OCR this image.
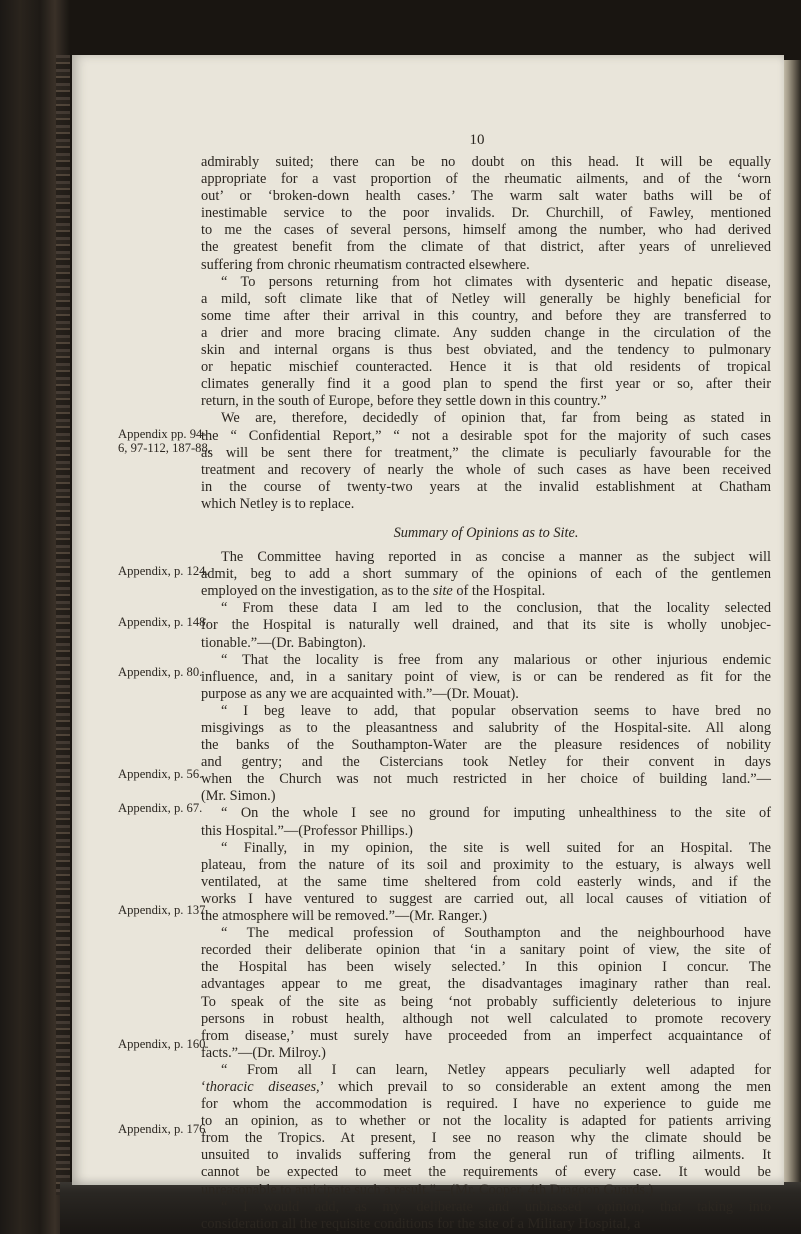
10
Appendix pp. 94-
6, 97-112, 187-88.
Appendix, p. 124.
Appendix, p. 148.
Appendix, p. 80.
Appendix, p. 56.
Appendix, p. 67.
Appendix, p. 137.
Appendix, p. 160.
Appendix, p. 176

admirably suited; there can be no doubt on this head. It will be equally

appropriate for a vast proportion of the rheumatic ailments, and of the ‘worn

out’ or ‘broken-down health cases.’ The warm salt water baths will be of

inestimable service to the poor invalids. Dr. Churchill, of Fawley, mentioned

to me the cases of several persons, himself among the number, who had derived

the greatest benefit from the climate of that district, after years of unrelieved

suffering from chronic rheumatism contracted elsewhere.

“ To persons returning from hot climates with dysenteric and hepatic disease,

a mild, soft climate like that of Netley will generally be highly beneficial for

some time after their arrival in this country, and before they are transferred to

a drier and more bracing climate. Any sudden change in the circulation of the

skin and internal organs is thus best obviated, and the tendency to pulmonary

or hepatic mischief counteracted. Hence it is that old residents of tropical

climates generally find it a good plan to spend the first year or so, after their

return, in the south of Europe, before they settle down in this country.”

We are, therefore, decidedly of opinion that, far from being as stated in

the “ Confidential Report,” “ not a desirable spot for the majority of such cases

as will be sent there for treatment,” the climate is peculiarly favourable for the

treatment and recovery of nearly the whole of such cases as have been received

in the course of twenty-two years at the invalid establishment at Chatham

which Netley is to replace.

Summary of Opinions as to Site.

The Committee having reported in as concise a manner as the subject will

admit, beg to add a short summary of the opinions of each of the gentlemen

employed on the investigation, as to the site of the Hospital.

“ From these data I am led to the conclusion, that the locality selected

for the Hospital is naturally well drained, and that its site is wholly unobjec-

tionable.”—(Dr. Babington).

“ That the locality is free from any malarious or other injurious endemic

influence, and, in a sanitary point of view, is or can be rendered as fit for the

purpose as any we are acquainted with.”—(Dr. Mouat).

“ I beg leave to add, that popular observation seems to have bred no

misgivings as to the pleasantness and salubrity of the Hospital-site. All along

the banks of the Southampton-Water are the pleasure residences of nobility

and gentry; and the Cistercians took Netley for their convent in days

when the Church was not much restricted in her choice of building land.”—

(Mr. Simon.)

“ On the whole I see no ground for imputing unhealthiness to the site of

this Hospital.”—(Professor Phillips.)

“ Finally, in my opinion, the site is well suited for an Hospital. The

plateau, from the nature of its soil and proximity to the estuary, is always well

ventilated, at the same time sheltered from cold easterly winds, and if the

works I have ventured to suggest are carried out, all local causes of vitiation of

the atmosphere will be removed.”—(Mr. Ranger.)

“ The medical profession of Southampton and the neighbourhood have

recorded their deliberate opinion that ‘in a sanitary point of view, the site of

the Hospital has been wisely selected.’ In this opinion I concur. The

advantages appear to me great, the disadvantages imaginary rather than real.

To speak of the site as being ‘not probably sufficiently deleterious to injure

persons in robust health, although not well calculated to promote recovery

from disease,’ must surely have proceeded from an imperfect acquaintance of

facts.”—(Dr. Milroy.)

“ From all I can learn, Netley appears peculiarly well adapted for

‘thoracic diseases,’ which prevail to so considerable an extent among the men

for whom the accommodation is required. I have no experience to guide me

to an opinion, as to whether or not the locality is adapted for patients arriving

from the Tropics. At present, I see no reason why the climate should be

unsuited to invalids suffering from the general run of trifling ailments. It

cannot be expected to meet the requirements of every case. It would be

unreasonable to anticipate such a result.”—(Mr. Cooper, 4th Dragoon Guards.)

“ I would add, as my deliberate and unbiassed opinion, that taking into

consideration all the requisite conditions for the site of a Military Hospital, a
